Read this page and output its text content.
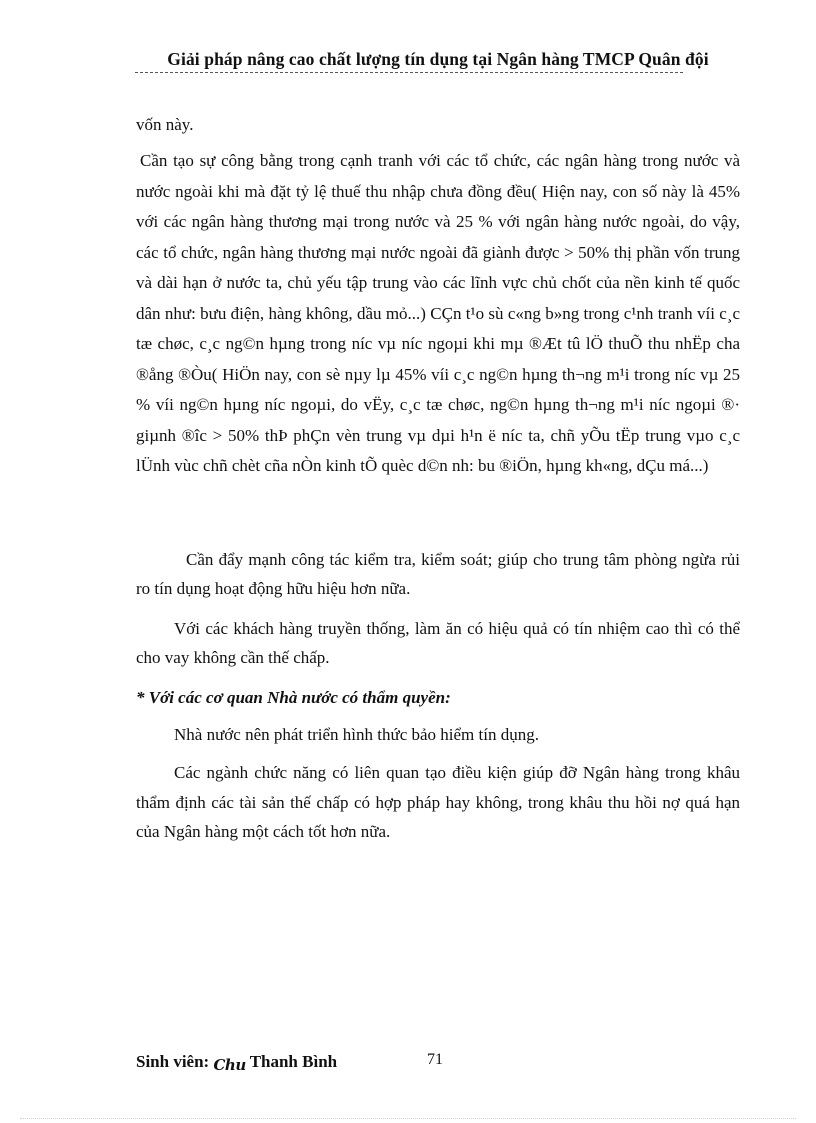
Giải pháp nâng cao chất lượng tín dụng tại Ngân hàng TMCP Quân đội

vốn này.

Cần tạo sự công bằng trong cạnh tranh với các tổ chức, các ngân hàng trong nước và nước ngoài khi mà đặt tỷ lệ thuế thu nhập chưa đồng đều( Hiện nay, con số này là 45% với các ngân hàng thương mại trong nước và 25 % với ngân hàng nước ngoài, do vậy, các tổ chức, ngân hàng thương mại nước ngoài đã giành được > 50% thị phần vốn trung và dài hạn ở nước ta, chủ yếu tập trung vào các lĩnh vực chủ chốt của nền kinh tế quốc dân như: bưu điện, hàng không, dầu mỏ...) CÇn t¹o sù c«ng b»ng trong c¹nh tranh víi c¸c tæ chøc, c¸c ng©n hµng trong níc vµ níc ngoµi khi mµ ®Æt tû lÖ thuÕ thu nhËp cha ®ång ®Òu( HiÖn nay, con sè nµy lµ 45% víi c¸c ng©n hµng th¬ng m¹i trong níc vµ 25 % víi ng©n hµng níc ngoµi, do vËy, c¸c tæ chøc, ng©n hµng th¬ng m¹i níc ngoµi ®· giµnh ®îc > 50% thÞ phÇn vèn trung vµ dµi h¹n ë níc ta, chñ yÕu tËp trung vµo c¸c lÜnh vùc chñ chèt cña nÒn kinh tÕ quèc d©n nh: bu ®iÖn, hµng kh«ng, dÇu má...)

Cần đẩy mạnh công tác kiểm tra, kiểm soát; giúp cho trung tâm phòng ngừa rủi ro tín dụng hoạt động hữu hiệu hơn nữa.

Với các khách hàng truyền thống, làm ăn có hiệu quả có tín nhiệm cao thì có thể cho vay không cần thế chấp.

* Với các cơ quan Nhà nước có thẩm quyền:

Nhà nước nên phát triển hình thức bảo hiểm tín dụng.

Các ngành chức năng có liên quan tạo điều kiện giúp đỡ Ngân hàng trong khâu thẩm định các tài sản thế chấp có hợp pháp hay không, trong khâu thu hồi nợ quá hạn của Ngân hàng một cách tốt hơn nữa.

Sinh viên: Chu Thanh Bình	71
